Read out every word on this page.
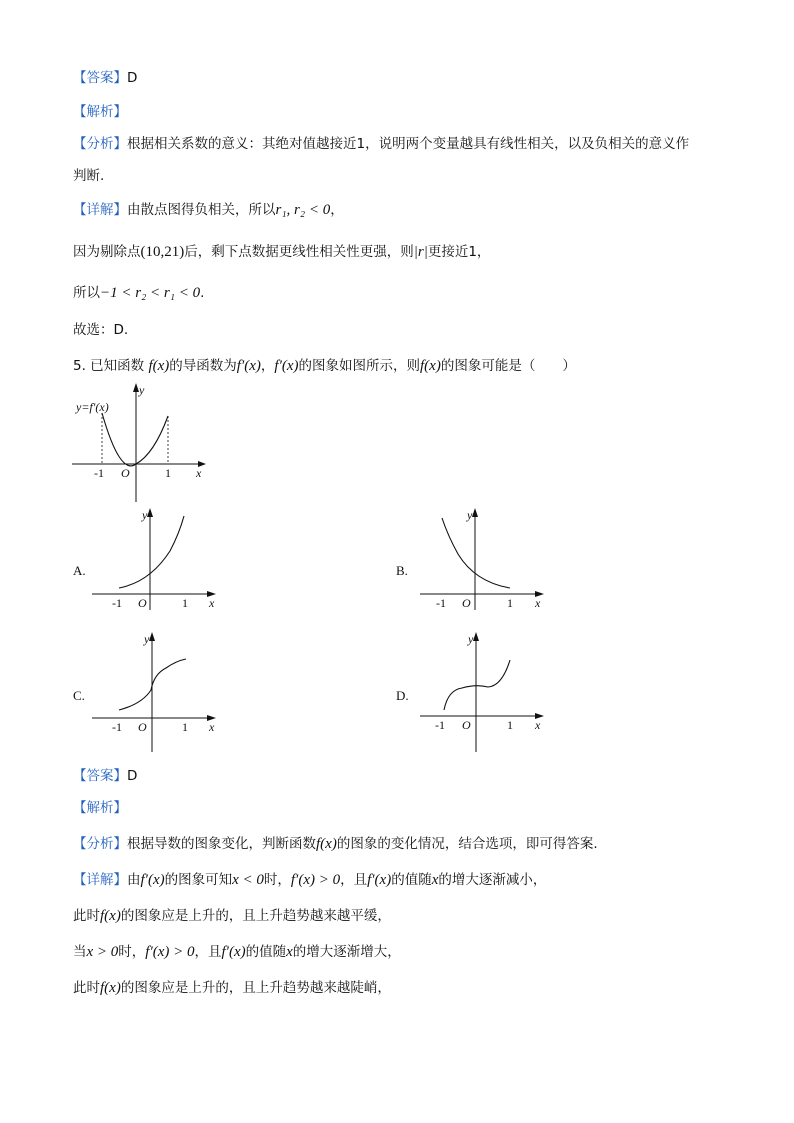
【答案】D
【解析】
【分析】根据相关系数的意义：其绝对值越接近1，说明两个变量越具有线性相关，以及负相关的意义作
判断.
【详解】由散点图得负相关，所以r₁, r₂ < 0，
因为剔除点(10,21)后，剩下点数据更线性相关性更强，则|r|更接近1，
所以−1 < r₂ < r₁ < 0.
故选：D.
5. 已知函数 f(x)的导函数为f′(x)，f′(x)的图象如图所示，则f(x)的图象可能是（　　）
y=f′(x)
y
x
O
-1	1
A.
y
x
O
-1	1
B.
y
x
O
-1	1
C.
y
x
O
-1	1
D.
y
x
O
-1	1
【答案】D
【解析】
【分析】根据导数的图象变化，判断函数f(x)的图象的变化情况，结合选项，即可得答案.
【详解】由f′(x)的图象可知x < 0时，f′(x) > 0，且f′(x)的值随x的增大逐渐减小，
此时f(x)的图象应是上升的，且上升趋势越来越平缓，
当x > 0时，f′(x) > 0，且f′(x)的值随x的增大逐渐增大，
此时f(x)的图象应是上升的，且上升趋势越来越陡峭，
